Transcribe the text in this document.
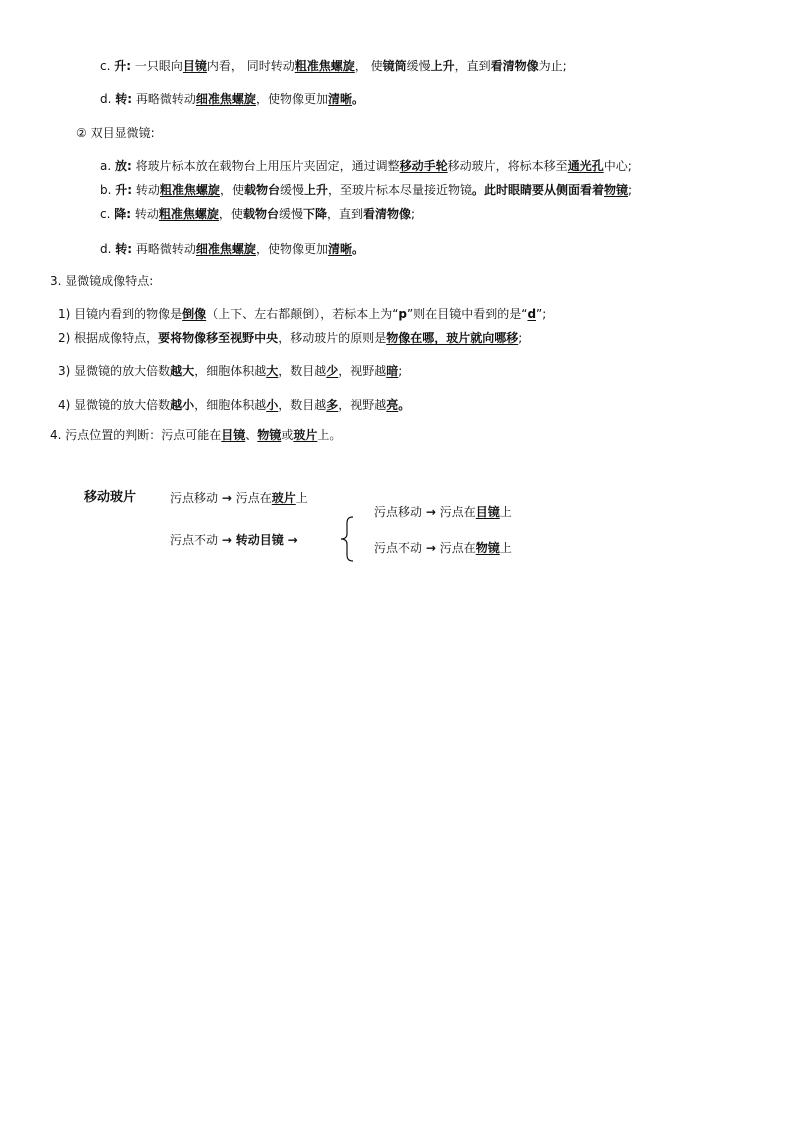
c. 升: 一只眼向目镜内看， 同时转动粗准焦螺旋， 使镜筒缓慢上升，直到看清物像为止;
d. 转: 再略微转动细准焦螺旋，使物像更加清晰。
② 双目显微镜:
a. 放: 将玻片标本放在载物台上用压片夹固定，通过调整移动手轮移动玻片，将标本移至通光孔中心;
b. 升: 转动粗准焦螺旋，使载物台缓慢上升，至玻片标本尽量接近物镜。此时眼睛要从侧面看着物镜;
c. 降: 转动粗准焦螺旋，使载物台缓慢下降，直到看清物像;
d. 转: 再略微转动细准焦螺旋，使物像更加清晰。
3. 显微镜成像特点:
1) 目镜内看到的物像是倒像（上下、左右都颠倒），若标本上为“p”则在目镜中看到的是“d”;
2) 根据成像特点，要将物像移至视野中央，移动玻片的原则是物像在哪，玻片就向哪移;
3) 显微镜的放大倍数越大，细胞体积越大，数目越少，视野越暗;
4) 显微镜的放大倍数越小，细胞体积越小，数目越多，视野越亮。
4. 污点位置的判断：污点可能在目镜、物镜或玻片上。
移动玻片	污点移动 → 污点在玻片上
污点不动 → 转动目镜 →
污点移动 → 污点在目镜上
污点不动 → 污点在物镜上
